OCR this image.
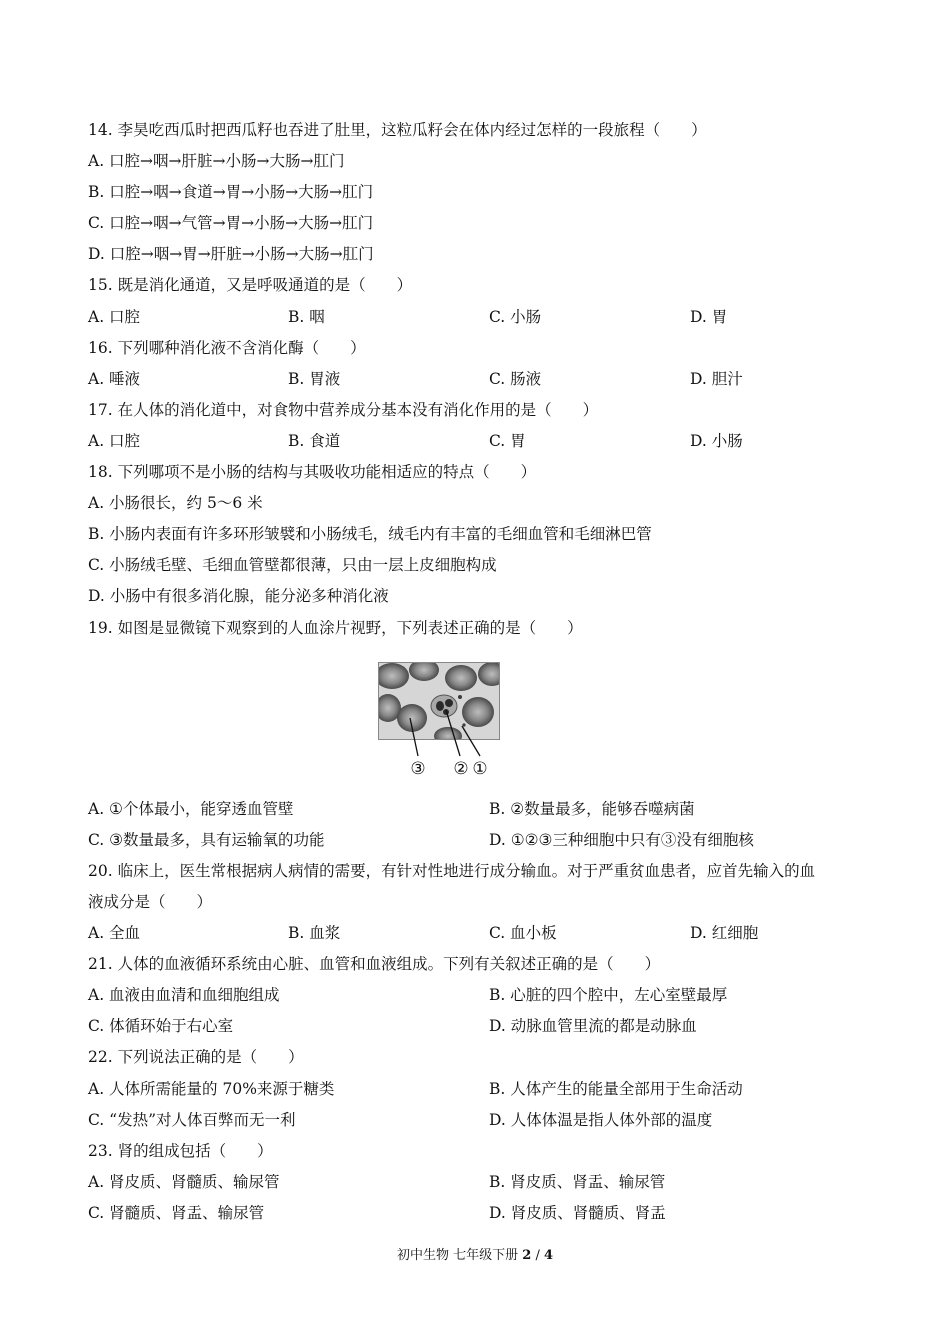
14. 李昊吃西瓜时把西瓜籽也吞进了肚里，这粒瓜籽会在体内经过怎样的一段旅程（　　）
A. 口腔→咽→肝脏→小肠→大肠→肛门
B. 口腔→咽→食道→胃→小肠→大肠→肛门
C. 口腔→咽→气管→胃→小肠→大肠→肛门
D. 口腔→咽→胃→肝脏→小肠→大肠→肛门
15. 既是消化通道，又是呼吸通道的是（　　）
A. 口腔	B. 咽	C. 小肠	D. 胃
16. 下列哪种消化液不含消化酶（　　）
A. 唾液	B. 胃液	C. 肠液	D. 胆汁
17. 在人体的消化道中，对食物中营养成分基本没有消化作用的是（　　）
A. 口腔	B. 食道	C. 胃	D. 小肠
18. 下列哪项不是小肠的结构与其吸收功能相适应的特点（　　）
A. 小肠很长，约 5～6 米
B. 小肠内表面有许多环形皱襞和小肠绒毛，绒毛内有丰富的毛细血管和毛细淋巴管
C. 小肠绒毛壁、毛细血管壁都很薄，只由一层上皮细胞构成
D. 小肠中有很多消化腺，能分泌多种消化液
19. 如图是显微镜下观察到的人血涂片视野，下列表述正确的是（　　）
③ ② ①
A. ①个体最小，能穿透血管壁	B. ②数量最多，能够吞噬病菌
C. ③数量最多，具有运输氧的功能	D. ①②③三种细胞中只有③没有细胞核
20. 临床上，医生常根据病人病情的需要，有针对性地进行成分输血。对于严重贫血患者，应首先输入的血
液成分是（　　）
A. 全血	B. 血浆	C. 血小板	D. 红细胞
21. 人体的血液循环系统由心脏、血管和血液组成。下列有关叙述正确的是（　　）
A. 血液由血清和血细胞组成	B. 心脏的四个腔中，左心室壁最厚
C. 体循环始于右心室	D. 动脉血管里流的都是动脉血
22. 下列说法正确的是（　　）
A. 人体所需能量的 70%来源于糖类	B. 人体产生的能量全部用于生命活动
C. “发热”对人体百弊而无一利	D. 人体体温是指人体外部的温度
23. 肾的组成包括（　　）
A. 肾皮质、肾髓质、输尿管	B. 肾皮质、肾盂、输尿管
C. 肾髓质、肾盂、输尿管	D. 肾皮质、肾髓质、肾盂
初中生物 七年级下册 2 / 4
